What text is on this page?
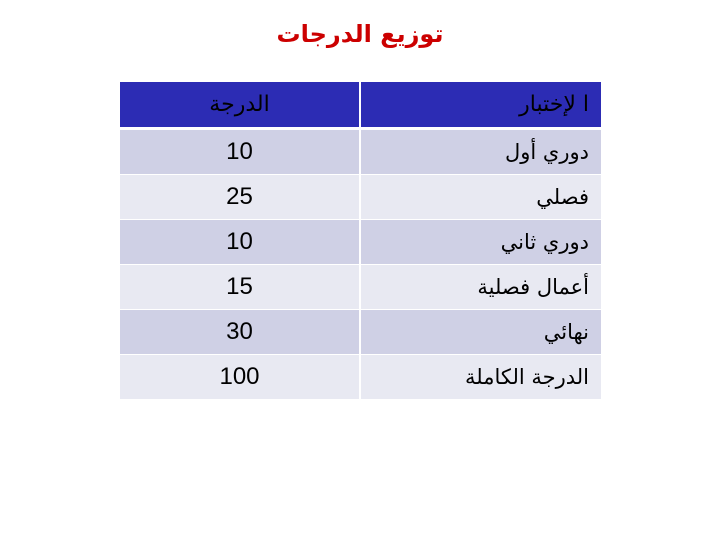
توزيع الدرجات
الدرجة	ا لإختبار
10	دوري أول
25	فصلي
10	دوري ثاني
15	أعمال فصلية
30	نهائي
100	الدرجة الكاملة
